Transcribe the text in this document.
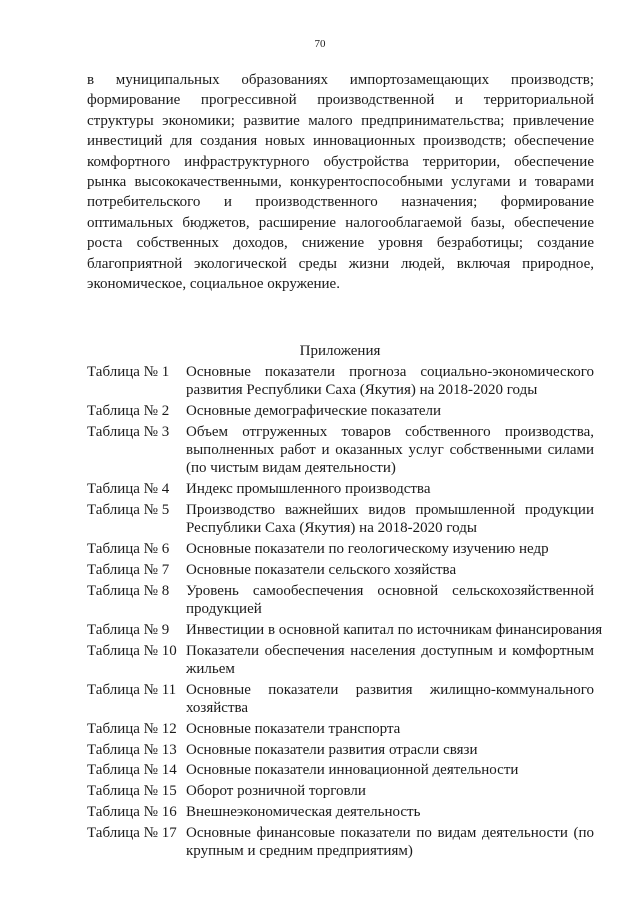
70
в муниципальных образованиях импортозамещающих производств;
формирование прогрессивной производственной и территориальной
структуры экономики; развитие малого предпринимательства; привлечение
инвестиций для создания новых инновационных производств; обеспечение
комфортного инфраструктурного обустройства территории, обеспечение
рынка высококачественными, конкурентоспособными услугами и товарами
потребительского и производственного назначения; формирование
оптимальных бюджетов, расширение налогооблагаемой базы, обеспечение
роста собственных доходов, снижение уровня безработицы; создание
благоприятной экологической среды жизни людей, включая природное,
экономическое, социальное окружение.
Приложения
Таблица № 1	Основные показатели прогноза социально-экономического
развития Республики Саха (Якутия) на 2018-2020 годы
Таблица № 2	Основные демографические показатели
Таблица № 3	Объем отгруженных товаров собственного производства,
выполненных работ и оказанных услуг собственными силами
(по чистым видам деятельности)
Таблица № 4	Индекс промышленного производства
Таблица № 5	Производство важнейших видов промышленной продукции
Республики Саха (Якутия) на 2018-2020 годы
Таблица № 6	Основные показатели по геологическому изучению недр
Таблица № 7	Основные показатели сельского хозяйства
Таблица № 8	Уровень самообеспечения основной сельскохозяйственной
продукцией
Таблица № 9	Инвестиции в основной капитал по источникам финансирования
Таблица № 10 Показатели обеспечения населения доступным и комфортным
жильем
Таблица № 11 Основные показатели развития жилищно-коммунального
хозяйства
Таблица № 12 Основные показатели транспорта
Таблица № 13 Основные показатели развития отрасли связи
Таблица № 14 Основные показатели инновационной деятельности
Таблица № 15 Оборот розничной торговли
Таблица № 16 Внешнеэкономическая деятельность
Таблица № 17 Основные финансовые показатели по видам деятельности (по
крупным и средним предприятиям)
